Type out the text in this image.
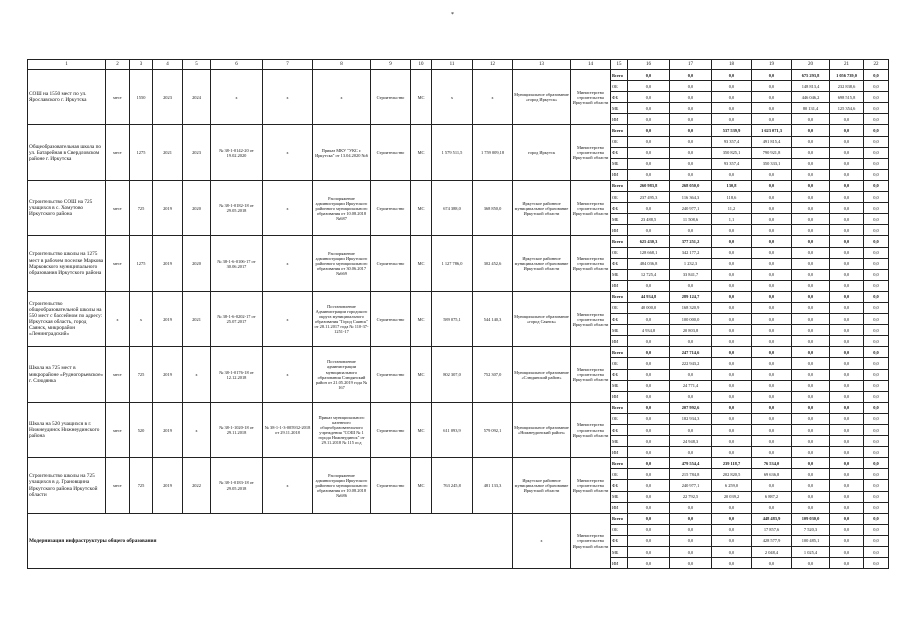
*
1	2	3	4	5	6	7	8	9	10	11	12	13	14	15	16	17	18	19	20	21	22
СОШ на 1550 мест по ул. Ярославского г. Иркутска	мест	1550	2023	2024	x	x	x	Строительство	МС	x	x	Муниципальное образование «город Иркутск»	Министерство строительства Иркутской области	Всего	0,0	0,0	0,0	0,0	675 293,8	1 056 739,0	0,0
														ОБ	0,0	0,0	0,0	0,0	148 813,4	232 838,6	0,0
														ФБ	0,0	0,0	0,0	0,0	446 046,2	698 515,8	0,0
														МБ	0,0	0,0	0,0	0,0	80 131,4	125 354,6	0,0
														ИИ	0,0	0,0	0,0	0,0	0,0	0,0	0,0
Общеобразовательная школа по ул. Батарейная в Свердловском районе г. Иркутска	мест	1275	2021	2023	№ 38-1-0142-20 от 19.02.2020	x	Приказ МКУ "УКС г. Иркутска" от 13.04.2020 №6	Строительство	МС	1 579 511,5	1 759 009,18	город Иркутск	Министерство строительства Иркутской области	Всего	0,0	0,0	537 539,9	1 623 071,3	0,0	0,0	0,0
														ОБ	0,0	0,0	93 357,4	491 815,4	0,0	0,0	0,0
														ФБ	0,0	0,0	350 825,1	790 921,8	0,0	0,0	0,0
														МБ	0,0	0,0	93 357,4	350 333,1	0,0	0,0	0,0
														ИИ	0,0	0,0	0,0	0,0	0,0	0,0	0,0
Строительство СОШ на 725 учащихся в с. Хомутово Иркутского района	мест	725	2019	2020	№ 38-1-0182-18 от 29.05.2018	x	Распоряжение администрации Иркутского районного муниципального образования от 10.08.2018 №687	Строительство	МС	674 388,0	368 850,0	Иркутское районное муниципальное образование Иркутской области	Министерство строительства Иркутской области	Всего	260 983,8	268 050,0	130,8	0,0	0,0	0,0	0,0
														ОБ	237 495,3	116 364,3	118,6	0,0	0,0	0,0	0,0
														ФБ	0,0	240 977,1	11,2	0,0	0,0	0,0	0,0
														МБ	23 488,5	11 508,6	1,1	0,0	0,0	0,0	0,0
														ИИ	0,0	0,0	0,0	0,0	0,0	0,0	0,0
Строительство школы на 1275 мест в рабочем поселке Маркова Марковского муниципального образования Иркутского района	мест	1275	2019	2020	№ 38-1-6-0106-17 от 30.06.2017	x	Распоряжение администрации Иркутского районного муниципального образования от 30.06.2017 №669	Строительство	МС	1 127 786,0	302 452,6	Иркутское районное муниципальное образование Иркутской области	Министерство строительства Иркутской области	Всего	625 430,3	377 251,2	0,0	0,0	0,0	0,0	0,0
														ОБ	128 668,1	342 177,2	0,0	0,0	0,0	0,0	0,0
														ФБ	484 036,8	1 232,3	0,0	0,0	0,0	0,0	0,0
														МБ	12 725,4	33 841,7	0,0	0,0	0,0	0,0	0,0
														ИИ	0,0	0,0	0,0	0,0	0,0	0,0	0,0
Строительство общеобразовательной школы на 550 мест с бассейном по адресу: Иркутская область, город Саянск, микрорайон «Ленинградский»	x	x	2019	2021	№ 38-1-6-0202-17 от 25.07.2017	x	Постановление Администрации городского округа муниципального образования "Город Саянск" от 28.11.2017 года № 110-37-1251-17	Строительство	МС	589 075,1	544 140,3	Муниципальное образование «город Саянск»	Министерство строительства Иркутской области	Всего	44 934,8	289 124,7	0,0	0,0	0,0	0,0	0,0
														ОБ	40 000,0	168 320,9	0,0	0,0	0,0	0,0	0,0
														ФБ	0,0	100 000,0	0,0	0,0	0,0	0,0	0,0
														МБ	4 934,8	20 803,8	0,0	0,0	0,0	0,0	0,0
														ИИ	0,0	0,0	0,0	0,0	0,0	0,0	0,0
Школа на 725 мест в микрорайоне «Рудногорьевское» г. Слюдянка	мест	725	2019	x	№ 38-1-0176-18 от 12.12.2018	x	Постановление администрации муниципального образования Слюдянский район от 21.05.2019 года № 167	Строительство	МС	802 307,0	752 307,0	Муниципальное образование «Слюдянский район»	Министерство строительства Иркутской области	Всего	0,0	247 714,6	0,0	0,0	0,0	0,0	0,0
														ОБ	0,0	222 943,2	0,0	0,0	0,0	0,0	0,0
														ФБ	0,0	0,0	0,0	0,0	0,0	0,0	0,0
														МБ	0,0	24 771,4	0,0	0,0	0,0	0,0	0,0
														ИИ	0,0	0,0	0,0	0,0	0,0	0,0	0,0
Школа на 520 учащихся в г. Нижнеудинск Нижнеудинского района	мест	520	2019	x	№ 38-1-1020-18 от 29.11.2018	№ 38-1-1-3-005932-2018 от 29.11.2018	Приказ муниципального казенного общеобразовательного учреждения "СОШ № 1 города Нижнеудинск" от 29.11.2018 № 115 осд	Строительство	МС	611 093,9	579 092,1	Муниципальное образование «Нижнеудинский район»	Министерство строительства Иркутской области	Всего	0,0	207 992,6	0,0	0,0	0,0	0,0	0,0
														ОБ	0,0	182 934,3	0,0	0,0	0,0	0,0	0,0
														ФБ	0,0	0,0	0,0	0,0	0,0	0,0	0,0
														МБ	0,0	24 948,3	0,0	0,0	0,0	0,0	0,0
														ИИ	0,0	0,0	0,0	0,0	0,0	0,0	0,0
Строительство школы на 725 учащихся в д. Грановщина Иркутского района Иркутской области	мест	725	2019	2022	№ 38-1-0183-18 от 29.05.2018	x	Распоряжение администрации Иркутского районного муниципального образования от 10.08.2018 №686	Строительство	МС	763 245,8	481 133,3	Иркутское районное муниципальное образование Иркутской области	Министерство строительства Иркутской области	Всего	0,0	479 554,4	239 118,7	76 534,0	0,0	0,0	0,0
														ОБ	0,0	215 784,8	202 820,5	69 636,8	0,0	0,0	0,0
														ФБ	0,0	240 977,1	6 259,0	0,0	0,0	0,0	0,0
														МБ	0,0	22 792,5	20 039,2	6 887,2	0,0	0,0	0,0
														ИИ	0,0	0,0	0,0	0,0	0,0	0,0	0,0
Модернизация инфраструктуры общего образования												x	Министерство строительства Иркутской области	Всего	0,0	0,0	0,0	448 483,9	109 030,0	0,0	0,0
														ОБ	0,0	0,0	0,0	17 857,6	7 520,3	0,0	0,0
														ФБ	0,0	0,0	0,0	428 577,9	100 485,1	0,0	0,0
														МБ	0,0	0,0	0,0	2 048,4	1 025,4	0,0	0,0
														ИИ	0,0	0,0	0,0	0,0	0,0	0,0	0,0
